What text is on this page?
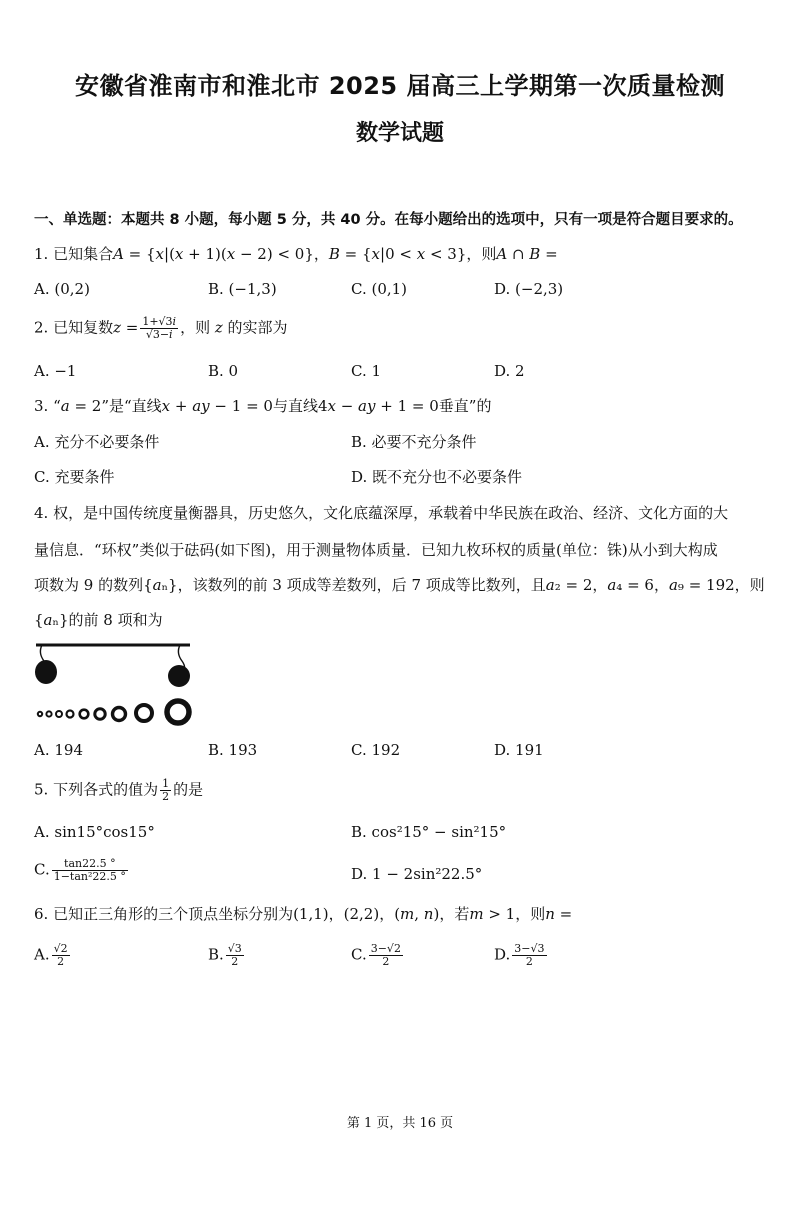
安徽省淮南市和淮北市 2025 届高三上学期第一次质量检测
数学试题
一、单选题：本题共 8 小题，每小题 5 分，共 40 分。在每小题给出的选项中，只有一项是符合题目要求的。
1. 已知集合𝐴 = {𝑥|(𝑥 + 1)(𝑥 − 2) < 0}，𝐵 = {𝑥|0 < 𝑥 < 3}，则𝐴 ∩ 𝐵 =
A. (0,2)	B. (−1,3)	C. (0,1)	D. (−2,3)
2. 已知复数𝑧 = $\frac{\text{1+√3𝑖}}{\text{√3−𝑖}}$ ，则 𝑧 的实部为
A. −1	B. 0	C. 1	D. 2
3. “𝑎 = 2”是“直线𝑥 + 𝑎𝑦 − 1 = 0与直线4𝑥 − 𝑎𝑦 + 1 = 0垂直”的
A. 充分不必要条件	B. 必要不充分条件
C. 充要条件	D. 既不充分也不必要条件
4. 权，是中国传统度量衡器具，历史悠久，文化底蕴深厚，承载着中华民族在政治、经济、文化方面的大
量信息．“环权”类似于砝码(如下图)，用于测量物体质量．已知九枚环权的质量(单位：铢)从小到大构成
项数为 9 的数列{𝑎ₙ}，该数列的前 3 项成等差数列，后 7 项成等比数列，且𝑎₂ = 2，𝑎₄ = 6，𝑎₉ = 192，则
{𝑎ₙ}的前 8 项和为
A. 194	B. 193	C. 192	D. 191
5. 下列各式的值为 $\frac{1}{2}$ 的是
A. sin15°cos15°	B. cos²15° − sin²15°
C. $\frac{\tan 22.5 ^\circ}{\text{1−tan²22.5 °}}$	D. 1 − 2sin²22.5°
6. 已知正三角形的三个顶点坐标分别为(1,1)，(2,2)，(𝑚, 𝑛)，若𝑚 > 1，则𝑛 =
A. $\frac{√2}{2}$	B. $\frac{√3}{2}$	C. $\frac{3-√2}{2}$	D. $\frac{3-√3}{2}$
第 1 页，共 16 页
